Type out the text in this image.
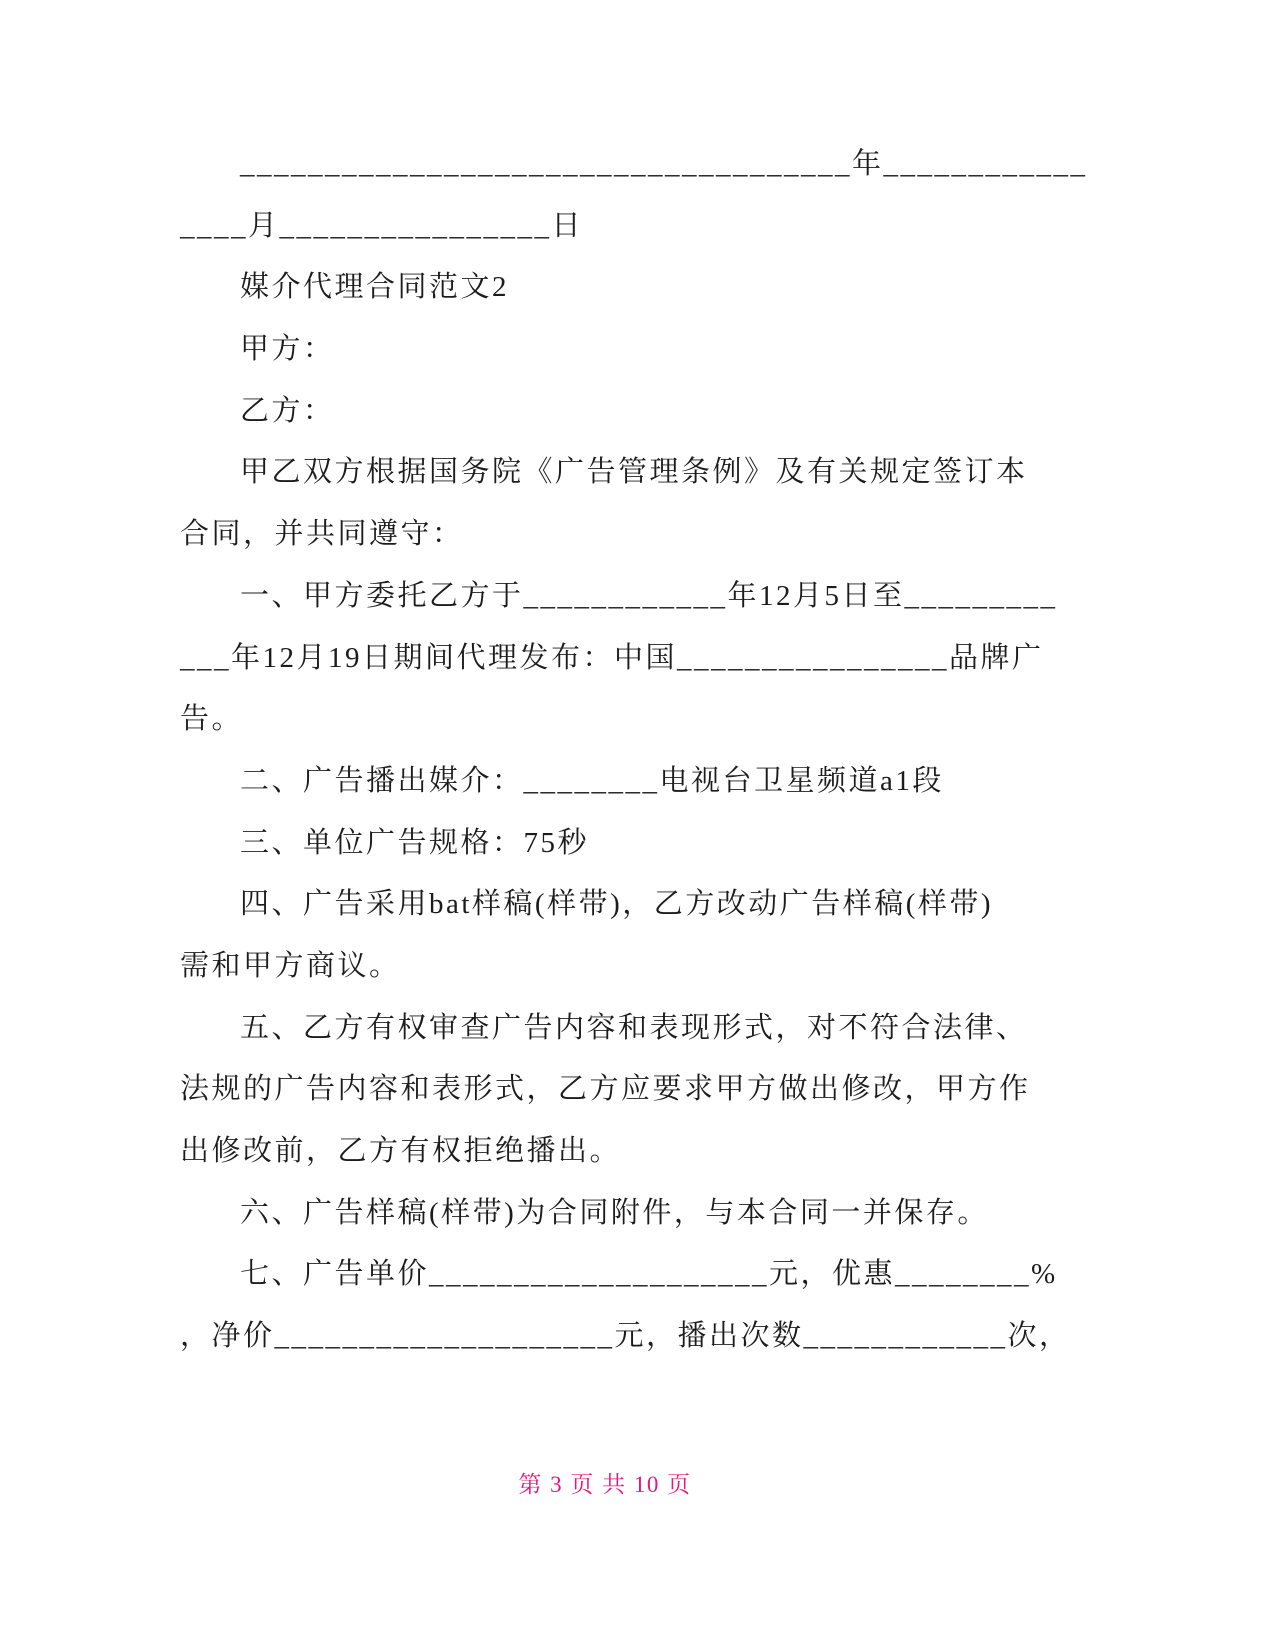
____________________________________年____________
____月________________日
媒介代理合同范文2
甲方：
乙方：
甲乙双方根据国务院《广告管理条例》及有关规定签订本
合同，并共同遵守：
一、甲方委托乙方于____________年12月5日至_________
___年12月19日期间代理发布：中国________________品牌广
告。
二、广告播出媒介：________电视台卫星频道a1段
三、单位广告规格：75秒
四、广告采用bat样稿(样带)，乙方改动广告样稿(样带)
需和甲方商议。
五、乙方有权审查广告内容和表现形式，对不符合法律、
法规的广告内容和表形式，乙方应要求甲方做出修改，甲方作
出修改前，乙方有权拒绝播出。
六、广告样稿(样带)为合同附件，与本合同一并保存。
七、广告单价____________________元，优惠________%
，净价____________________元，播出次数____________次，
第 3 页 共 10 页
